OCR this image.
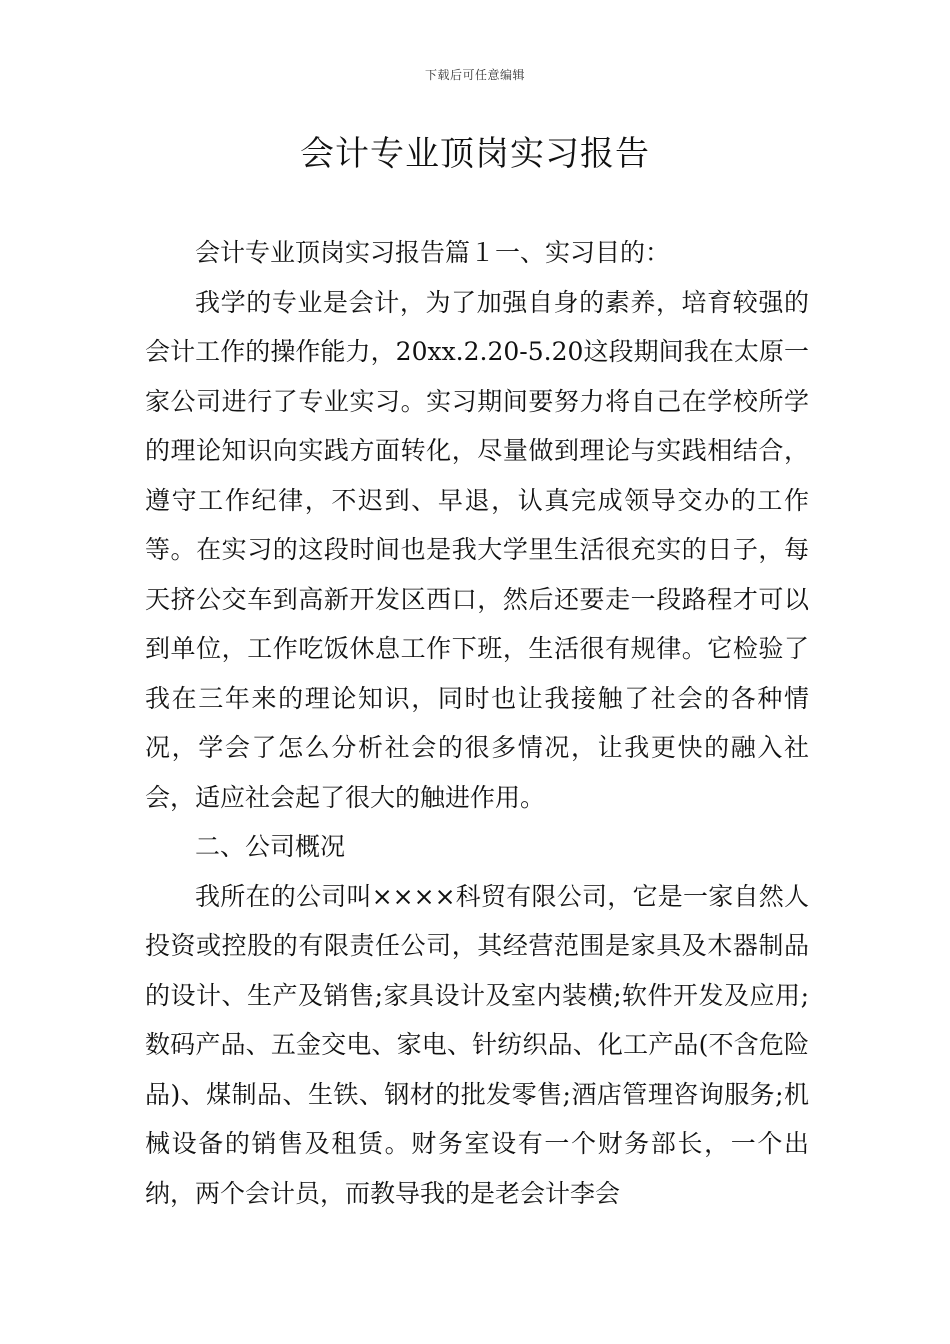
下载后可任意编辑
会计专业顶岗实习报告

会计专业顶岗实习报告篇１一、实习目的：

我学的专业是会计，为了加强自身的素养，培育较强的会计工作的操作能力，20xx.2.20-5.20这段期间我在太原一家公司进行了专业实习。实习期间要努力将自己在学校所学的理论知识向实践方面转化，尽量做到理论与实践相结合，遵守工作纪律，不迟到、早退，认真完成领导交办的工作等。在实习的这段时间也是我大学里生活很充实的日子，每天挤公交车到高新开发区西口，然后还要走一段路程才可以到单位，工作吃饭休息工作下班，生活很有规律。它检验了我在三年来的理论知识，同时也让我接触了社会的各种情况，学会了怎么分析社会的很多情况，让我更快的融入社会，适应社会起了很大的触进作用。

二、公司概况

我所在的公司叫××××科贸有限公司，它是一家自然人投资或控股的有限责任公司，其经营范围是家具及木器制品的设计、生产及销售;家具设计及室内装横;软件开发及应用;数码产品、五金交电、家电、针纺织品、化工产品(不含危险品)、煤制品、生铁、钢材的批发零售;酒店管理咨询服务;机械设备的销售及租赁。财务室设有一个财务部长，一个出纳，两个会计员，而教导我的是老会计李会
